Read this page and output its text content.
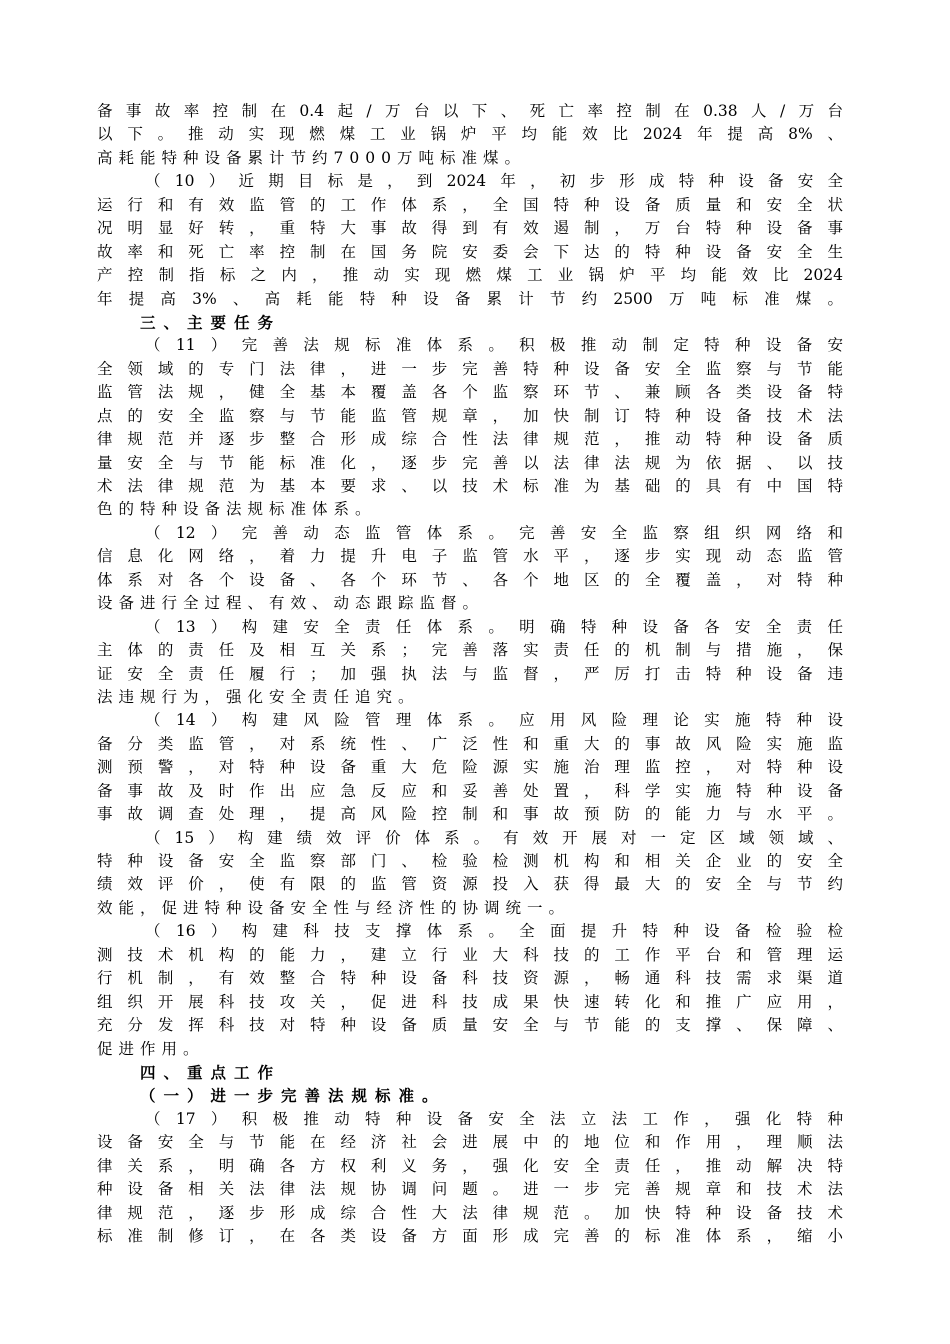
备事故率控制在0.4起/万台以下、死亡率控制在0.38人/万台
以下。推动实现燃煤工业锅炉平均能效比2024年提高8%、
高耗能特种设备累计节约7000万吨标准煤。
（10）近期目标是，到2024年，初步形成特种设备安全
运行和有效监管的工作体系，全国特种设备质量和安全状
况明显好转，重特大事故得到有效遏制，万台特种设备事
故率和死亡率控制在国务院安委会下达的特种设备安全生
产控制指标之内，推动实现燃煤工业锅炉平均能效比2024
年提高3%、高耗能特种设备累计节约2500万吨标准煤。
三、主要任务
（11）完善法规标准体系。积极推动制定特种设备安
全领域的专门法律，进一步完善特种设备安全监察与节能
监管法规，健全基本覆盖各个监察环节、兼顾各类设备特
点的安全监察与节能监管规章，加快制订特种设备技术法
律规范并逐步整合形成综合性法律规范，推动特种设备质
量安全与节能标准化，逐步完善以法律法规为依据、以技
术法律规范为基本要求、以技术标准为基础的具有中国特
色的特种设备法规标准体系。
（12）完善动态监管体系。完善安全监察组织网络和
信息化网络，着力提升电子监管水平，逐步实现动态监管
体系对各个设备、各个环节、各个地区的全覆盖，对特种
设备进行全过程、有效、动态跟踪监督。
（13）构建安全责任体系。明确特种设备各安全责任
主体的责任及相互关系；完善落实责任的机制与措施，保
证安全责任履行；加强执法与监督，严厉打击特种设备违
法违规行为，强化安全责任追究。
（14）构建风险管理体系。应用风险理论实施特种设
备分类监管，对系统性、广泛性和重大的事故风险实施监
测预警，对特种设备重大危险源实施治理监控，对特种设
备事故及时作出应急反应和妥善处置，科学实施特种设备
事故调查处理，提高风险控制和事故预防的能力与水平。
（15）构建绩效评价体系。有效开展对一定区域领域、
特种设备安全监察部门、检验检测机构和相关企业的安全
绩效评价，使有限的监管资源投入获得最大的安全与节约
效能，促进特种设备安全性与经济性的协调统一。
（16）构建科技支撑体系。全面提升特种设备检验检
测技术机构的能力，建立行业大科技的工作平台和管理运
行机制，有效整合特种设备科技资源，畅通科技需求渠道
组织开展科技攻关，促进科技成果快速转化和推广应用，
充分发挥科技对特种设备质量安全与节能的支撑、保障、
促进作用。
四、重点工作
（一）进一步完善法规标准。
（17）积极推动特种设备安全法立法工作，强化特种
设备安全与节能在经济社会进展中的地位和作用，理顺法
律关系，明确各方权利义务，强化安全责任，推动解决特
种设备相关法律法规协调问题。进一步完善规章和技术法
律规范，逐步形成综合性大法律规范。加快特种设备技术
标准制修订，在各类设备方面形成完善的标准体系，缩小
